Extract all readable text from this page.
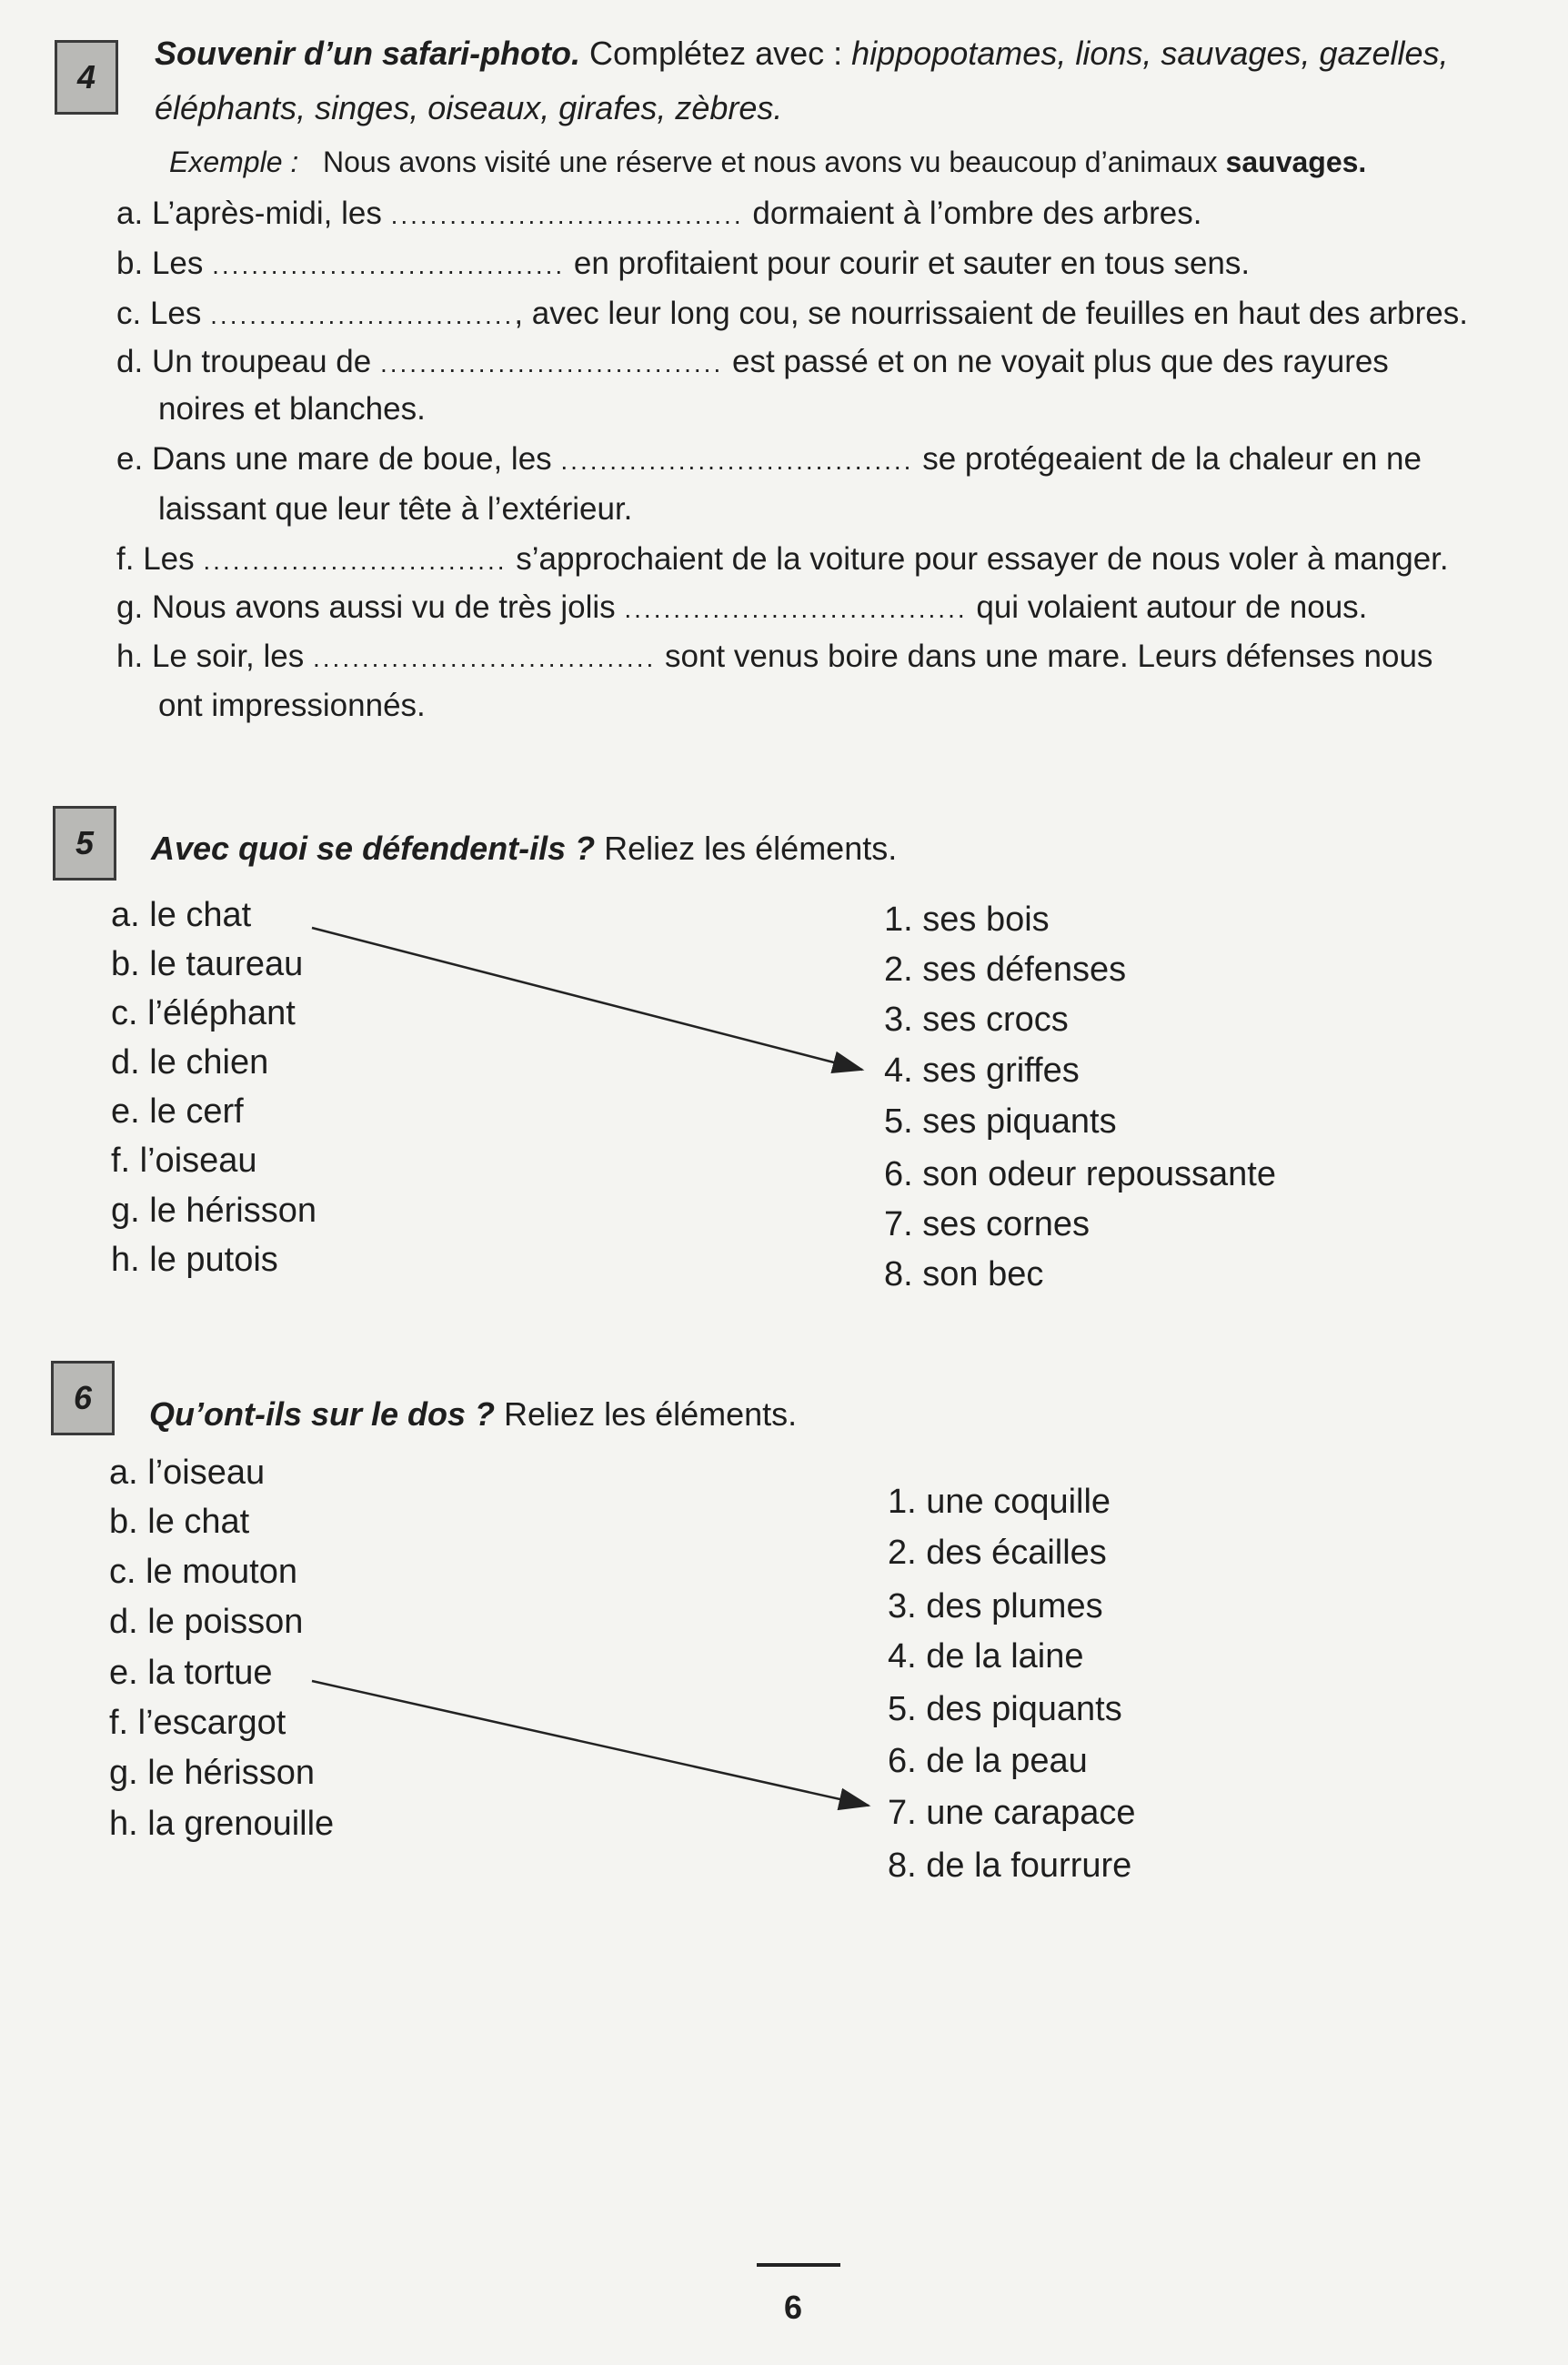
4
Souvenir d’un safari-photo. Complétez avec : hippopotames, lions, sauvages, gazelles,
éléphants, singes, oiseaux, girafes, zèbres.
Exemple : Nous avons visité une réserve et nous avons vu beaucoup d’animaux sauvages.
a. L’après-midi, les .................................... dormaient à l’ombre des arbres.
b. Les .................................... en profitaient pour courir et sauter en tous sens.
c. Les ..............................., avec leur long cou, se nourrissaient de feuilles en haut des arbres.
d. Un troupeau de ................................... est passé et on ne voyait plus que des rayures
noires et blanches.
e. Dans une mare de boue, les .................................... se protégeaient de la chaleur en ne
laissant que leur tête à l’extérieur.
f. Les ............................... s’approchaient de la voiture pour essayer de nous voler à manger.
g. Nous avons aussi vu de très jolis ................................... qui volaient autour de nous.
h. Le soir, les ................................... sont venus boire dans une mare. Leurs défenses nous
ont impressionnés.
5 Avec quoi se défendent-ils ? Reliez les éléments.
a. le chat
b. le taureau
c. l’éléphant
d. le chien
e. le cerf
f. l’oiseau
g. le hérisson
h. le putois
1. ses bois
2. ses défenses
3. ses crocs
4. ses griffes
5. ses piquants
6. son odeur repoussante
7. ses cornes
8. son bec
6 Qu’ont-ils sur le dos ? Reliez les éléments.
a. l’oiseau
b. le chat
c. le mouton
d. le poisson
e. la tortue
f. l’escargot
g. le hérisson
h. la grenouille
1. une coquille
2. des écailles
3. des plumes
4. de la laine
5. des piquants
6. de la peau
7. une carapace
8. de la fourrure
6
